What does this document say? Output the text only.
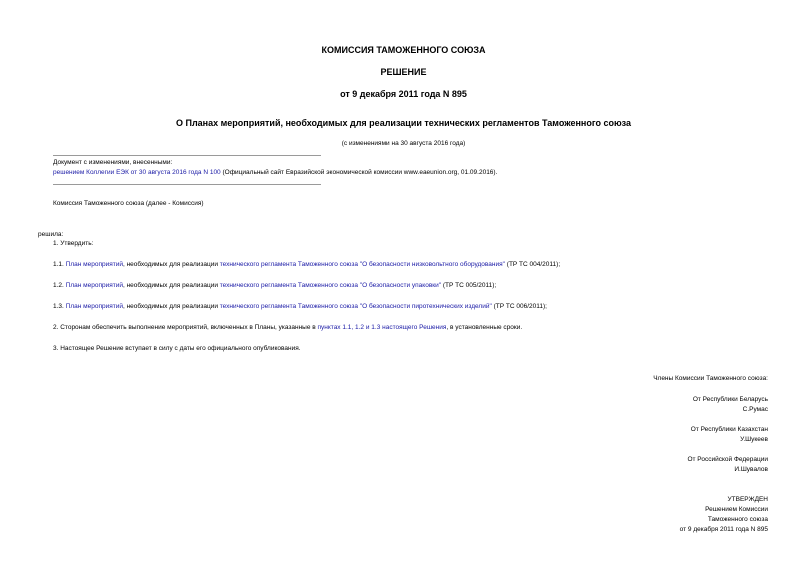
КОМИССИЯ ТАМОЖЕННОГО СОЮЗА
РЕШЕНИЕ
от 9 декабря 2011 года N 895
О Планах мероприятий, необходимых для реализации технических регламентов Таможенного союза
(с изменениями на 30 августа 2016 года)
Документ с изменениями, внесенными:
решением Коллегии ЕЭК от 30 августа 2016 года N 100 (Официальный сайт Евразийской экономической комиссии www.eaeunion.org, 01.09.2016).
Комиссия Таможенного союза (далее - Комиссия)
решила:
1. Утвердить:
1.1. План мероприятий, необходимых для реализации технического регламента Таможенного союза "О безопасности низковольтного оборудования" (ТР ТС 004/2011);
1.2. План мероприятий, необходимых для реализации технического регламента Таможенного союза "О безопасности упаковки" (ТР ТС 005/2011);
1.3. План мероприятий, необходимых для реализации технического регламента Таможенного союза "О безопасности пиротехнических изделий" (ТР ТС 006/2011);
2. Сторонам обеспечить выполнение мероприятий, включенных в Планы, указанные в пунктах 1.1, 1.2 и 1.3 настоящего Решения, в установленные сроки.
3. Настоящее Решение вступает в силу с даты его официального опубликования.
Члены Комиссии Таможенного союза:
От Республики Беларусь
С.Румас
От Республики Казахстан
У.Шукеев
От Российской Федерации
И.Шувалов
УТВЕРЖДЕН
Решением Комиссии
Таможенного союза
от 9 декабря 2011 года N 895
